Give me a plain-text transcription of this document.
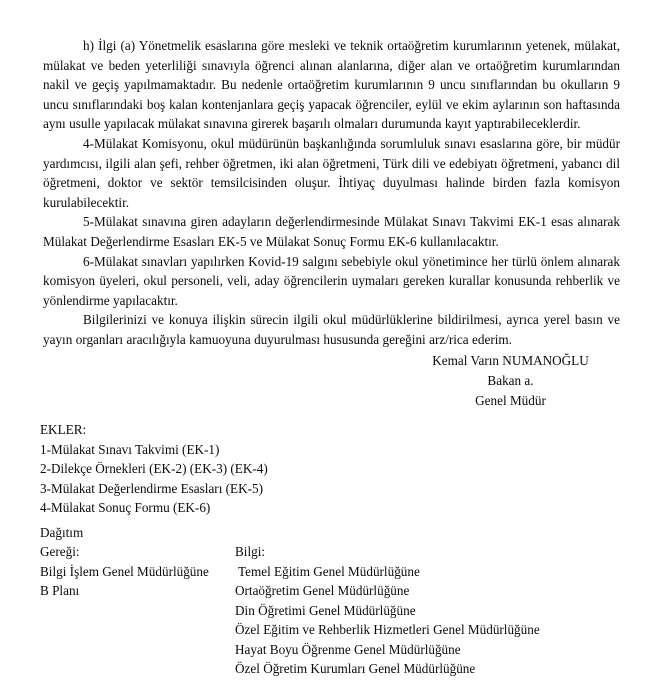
h) İlgi (a) Yönetmelik esaslarına göre mesleki ve teknik ortaöğretim kurumlarının yetenek, mülakat, mülakat ve beden yeterliliği sınavıyla öğrenci alınan alanlarına, diğer alan ve ortaöğretim kurumlarından nakil ve geçiş yapılmamaktadır. Bu nedenle ortaöğretim kurumlarının 9 uncu sınıflarından bu okulların 9 uncu sınıflarındaki boş kalan kontenjanlara geçiş yapacak öğrenciler, eylül ve ekim aylarının son haftasında aynı usulle yapılacak mülakat sınavına girerek başarılı olmaları durumunda kayıt yaptırabileceklerdir.

4-Mülakat Komisyonu, okul müdürünün başkanlığında sorumluluk sınavı esaslarına göre, bir müdür yardımcısı, ilgili alan şefi, rehber öğretmen, iki alan öğretmeni, Türk dili ve edebiyatı öğretmeni, yabancı dil öğretmeni, doktor ve sektör temsilcisinden oluşur. İhtiyaç duyulması halinde birden fazla komisyon kurulabilecektir.

5-Mülakat sınavına giren adayların değerlendirmesinde Mülakat Sınavı Takvimi EK-1 esas alınarak Mülakat Değerlendirme Esasları EK-5 ve Mülakat Sonuç Formu EK-6 kullanılacaktır.

6-Mülakat sınavları yapılırken Kovid-19 salgını sebebiyle okul yönetimince her türlü önlem alınarak komisyon üyeleri, okul personeli, veli, aday öğrencilerin uymaları gereken kurallar konusunda rehberlik ve yönlendirme yapılacaktır.

Bilgilerinizi ve konuya ilişkin sürecin ilgili okul müdürlüklerine bildirilmesi, ayrıca yerel basın ve yayın organları aracılığıyla kamuoyuna duyurulması hususunda gereğini arz/rica ederim.

Kemal Varın NUMANOĞLU
Bakan a.
Genel Müdür
EKLER:
1-Mülakat Sınavı Takvimi (EK-1)
2-Dilekçe Örnekleri (EK-2) (EK-3) (EK-4)
3-Mülakat Değerlendirme Esasları (EK-5)
4-Mülakat Sonuç Formu (EK-6)
Dağıtım
Gereği:
Bilgi İşlem Genel Müdürlüğüne
B Planı
Bilgi:
Temel Eğitim Genel Müdürlüğüne
Ortaöğretim Genel Müdürlüğüne
Din Öğretimi Genel Müdürlüğüne
Özel Eğitim ve Rehberlik Hizmetleri Genel Müdürlüğüne
Hayat Boyu Öğrenme Genel Müdürlüğüne
Özel Öğretim Kurumları Genel Müdürlüğüne
